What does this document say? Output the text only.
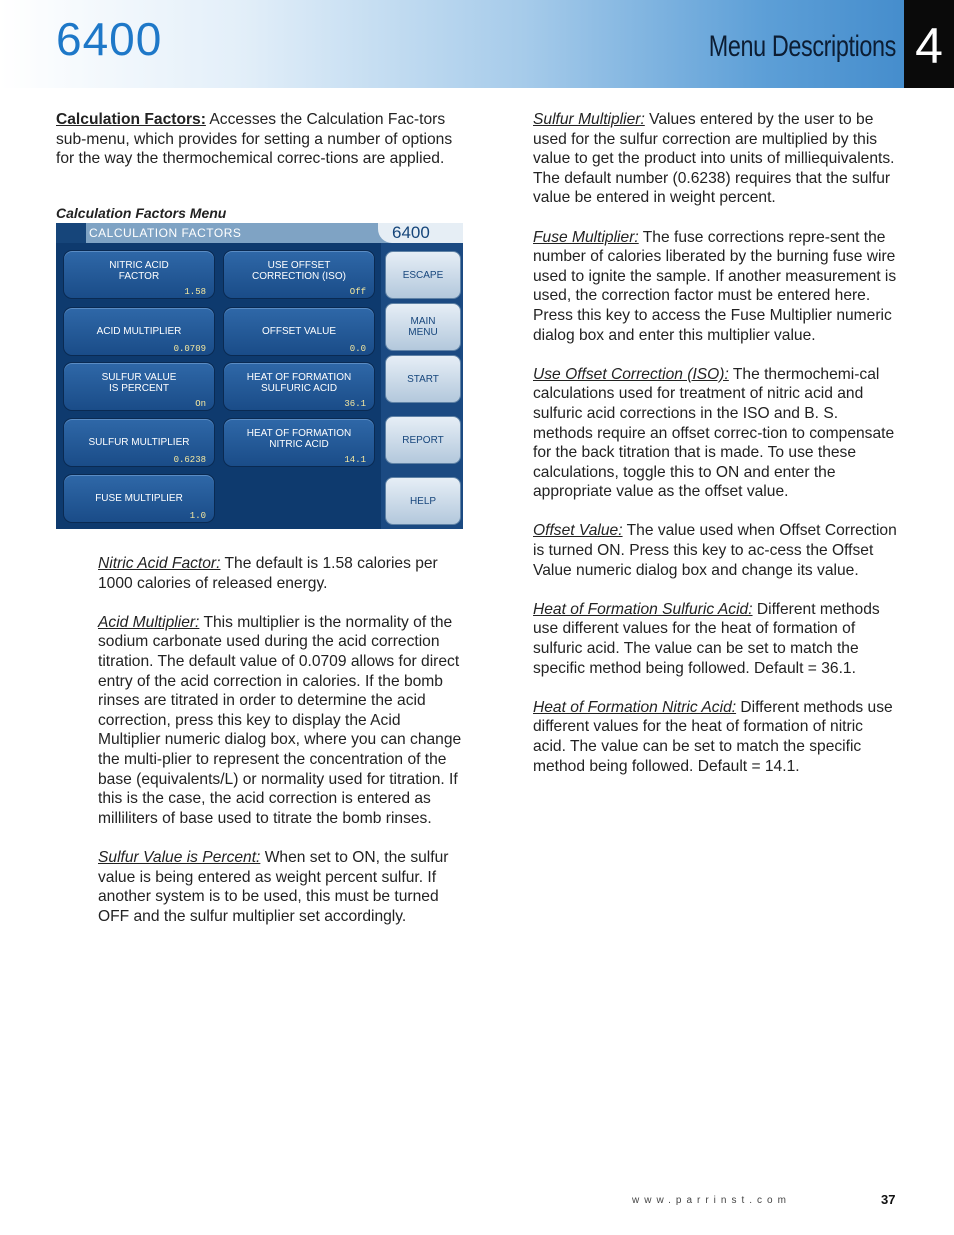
6400	Menu Descriptions 4

Calculation Factors: Accesses the Calculation Fac-tors sub-menu, which provides for setting a number of options for the way the thermochemical correc-tions are applied.

Calculation Factors Menu
CALCULATION FACTORS	6400
NITRIC ACID
FACTOR
1.58
USE OFFSET
CORRECTION (ISO)
Off
ACID MULTIPLIER
0.0709
OFFSET VALUE
0.0
SULFUR VALUE
IS PERCENT
On
HEAT OF FORMATION
SULFURIC ACID
36.1
SULFUR MULTIPLIER
0.6238
HEAT OF FORMATION
NITRIC ACID
14.1
FUSE MULTIPLIER
1.0
ESCAPE
MAIN
MENU
START
REPORT
HELP

Nitric Acid Factor: The default is 1.58 calories per 1000 calories of released energy.

Acid Multiplier: This multiplier is the normality of the sodium carbonate used during the acid correction titration. The default value of 0.0709 allows for direct entry of the acid correction in calories. If the bomb rinses are titrated in order to determine the acid correction, press this key to display the Acid Multiplier numeric dialog box, where you can change the multi-plier to represent the concentration of the base (equivalents/L) or normality used for titration. If this is the case, the acid correction is entered as milliliters of base used to titrate the bomb rinses.

Sulfur Value is Percent: When set to ON, the sulfur value is being entered as weight percent sulfur. If another system is to be used, this must be turned OFF and the sulfur multiplier set accordingly.

Sulfur Multiplier: Values entered by the user to be used for the sulfur correction are multiplied by this value to get the product into units of milliequivalents. The default number (0.6238) requires that the sulfur value be entered in weight percent.

Fuse Multiplier: The fuse corrections repre-sent the number of calories liberated by the burning fuse wire used to ignite the sample. If another measurement is used, the correction factor must be entered here. Press this key to access the Fuse Multiplier numeric dialog box and enter this multiplier value.

Use Offset Correction (ISO): The thermochemi-cal calculations used for treatment of nitric acid and sulfuric acid corrections in the ISO and B. S. methods require an offset correc-tion to compensate for the back titration that is made. To use these calculations, toggle this to ON and enter the appropriate value as the offset value.

Offset Value: The value used when Offset Correction is turned ON. Press this key to ac-cess the Offset Value numeric dialog box and change its value.

Heat of Formation Sulfuric Acid: Different methods use different values for the heat of formation of sulfuric acid. The value can be set to match the specific method being followed. Default = 36.1.

Heat of Formation Nitric Acid: Different methods use different values for the heat of formation of nitric acid. The value can be set to match the specific method being followed. Default = 14.1.

www.parrinst.com	37
